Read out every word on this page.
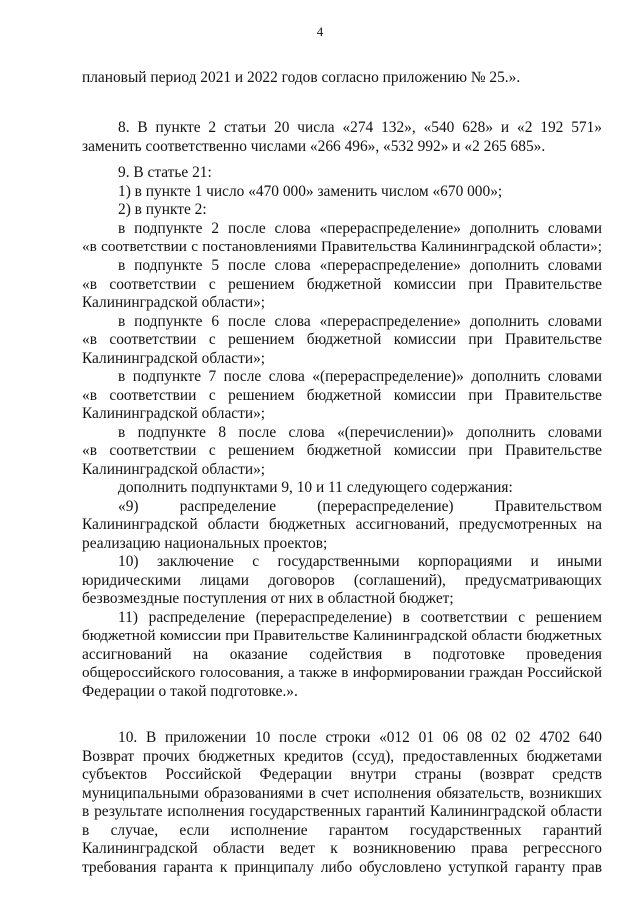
4
плановый период 2021 и 2022 годов согласно приложению № 25.».
8. В пункте 2 статьи 20 числа «274 132», «540 628» и «2 192 571»
заменить соответственно числами «266 496», «532 992» и «2 265 685».
9. В статье 21:
1) в пункте 1 число «470 000» заменить числом «670 000»;
2) в пункте 2:
в подпункте 2 после слова «перераспределение» дополнить словами
«в соответствии с постановлениями Правительства Калининградской области»;
в подпункте 5 после слова «перераспределение» дополнить словами
«в соответствии с решением бюджетной комиссии при Правительстве
Калининградской области»;
в подпункте 6 после слова «перераспределение» дополнить словами
«в соответствии с решением бюджетной комиссии при Правительстве
Калининградской области»;
в подпункте 7 после слова «(перераспределение)» дополнить словами
«в соответствии с решением бюджетной комиссии при Правительстве
Калининградской области»;
в подпункте 8 после слова «(перечислении)» дополнить словами
«в соответствии с решением бюджетной комиссии при Правительстве
Калининградской области»;
дополнить подпунктами 9, 10 и 11 следующего содержания:
«9) распределение (перераспределение) Правительством
Калининградской области бюджетных ассигнований, предусмотренных на
реализацию национальных проектов;
10) заключение с государственными корпорациями и иными
юридическими лицами договоров (соглашений), предусматривающих
безвозмездные поступления от них в областной бюджет;
11) распределение (перераспределение) в соответствии с решением
бюджетной комиссии при Правительстве Калининградской области бюджетных
ассигнований на оказание содействия в подготовке проведения
общероссийского голосования, а также в информировании граждан Российской
Федерации о такой подготовке.».
10. В приложении 10 после строки «012 01 06 08 02 02 4702 640
Возврат прочих бюджетных кредитов (ссуд), предоставленных бюджетами
субъектов Российской Федерации внутри страны (возврат средств
муниципальными образованиями в счет исполнения обязательств, возникших
в результате исполнения государственных гарантий Калининградской области
в случае, если исполнение гарантом государственных гарантий
Калининградской области ведет к возникновению права регрессного
требования гаранта к принципалу либо обусловлено уступкой гаранту прав
